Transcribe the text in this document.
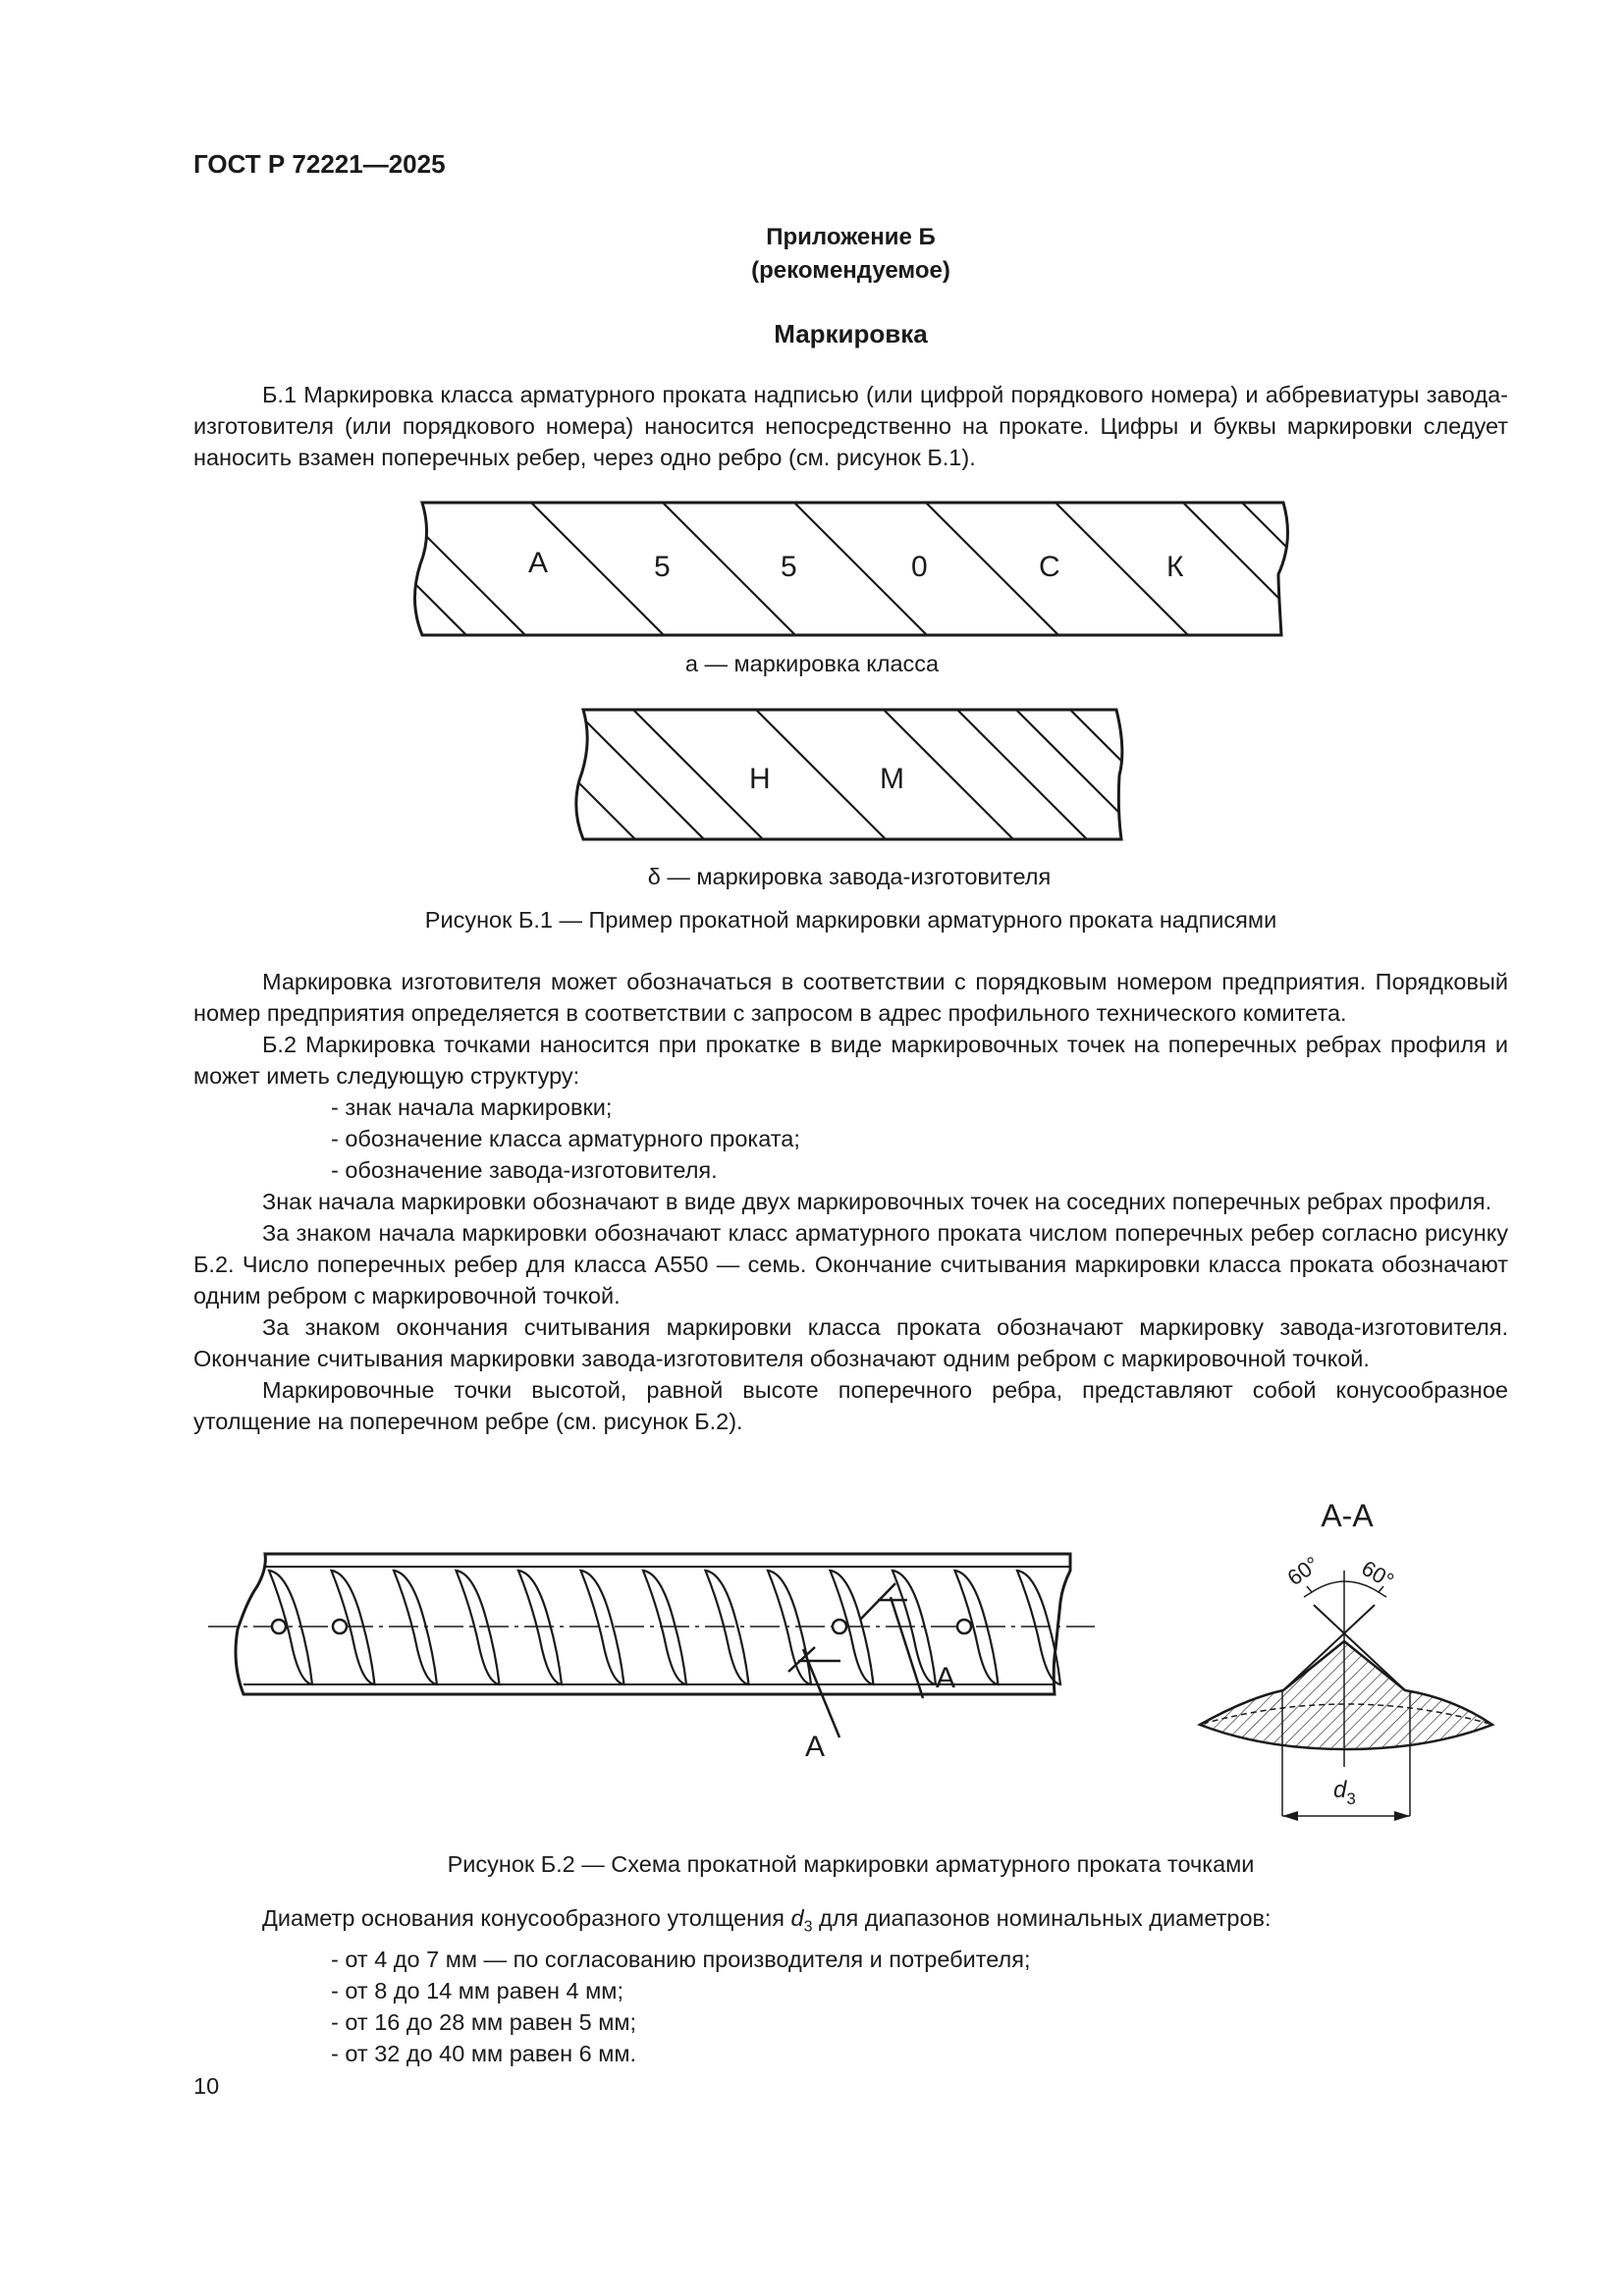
ГОСТ Р 72221—2025
Приложение Б
(рекомендуемое)
Маркировка

Б.1 Маркировка класса арматурного проката надписью (или цифрой порядкового номера) и аббревиатуры завода-изготовителя (или порядкового номера) наносится непосредственно на прокате. Цифры и буквы маркировки следует наносить взамен поперечных ребер, через одно ребро (см. рисунок Б.1).

А	5	5	0	С	К
а — маркировка класса
Н	М
δ — маркировка завода-изготовителя
Рисунок Б.1 — Пример прокатной маркировки арматурного проката надписями

Маркировка изготовителя может обозначаться в соответствии с порядковым номером предприятия. Порядковый номер предприятия определяется в соответствии с запросом в адрес профильного технического комитета.

Б.2 Маркировка точками наносится при прокатке в виде маркировочных точек на поперечных ребрах профиля и может иметь следующую структуру:

- знак начала маркировки;

- обозначение класса арматурного проката;

- обозначение завода-изготовителя.

Знак начала маркировки обозначают в виде двух маркировочных точек на соседних поперечных ребрах профиля.

За знаком начала маркировки обозначают класс арматурного проката числом поперечных ребер согласно рисунку Б.2. Число поперечных ребер для класса А550 — семь. Окончание считывания маркировки класса проката обозначают одним ребром с маркировочной точкой.

За знаком окончания считывания маркировки класса проката обозначают маркировку завода-изготовителя. Окончание считывания маркировки завода-изготовителя обозначают одним ребром с маркировочной точкой.

Маркировочные точки высотой, равной высоте поперечного ребра, представляют собой конусообразное утолщение на поперечном ребре (см. рисунок Б.2).

А
А
А-А
60° 60°
$d_3$
Рисунок Б.2 — Схема прокатной маркировки арматурного проката точками

Диаметр основания конусообразного утолщения $d_3$ для диапазонов номинальных диаметров:

- от 4 до 7 мм — по согласованию производителя и потребителя;

- от 8 до 14 мм равен 4 мм;

- от 16 до 28 мм равен 5 мм;

- от 32 до 40 мм равен 6 мм.

10
